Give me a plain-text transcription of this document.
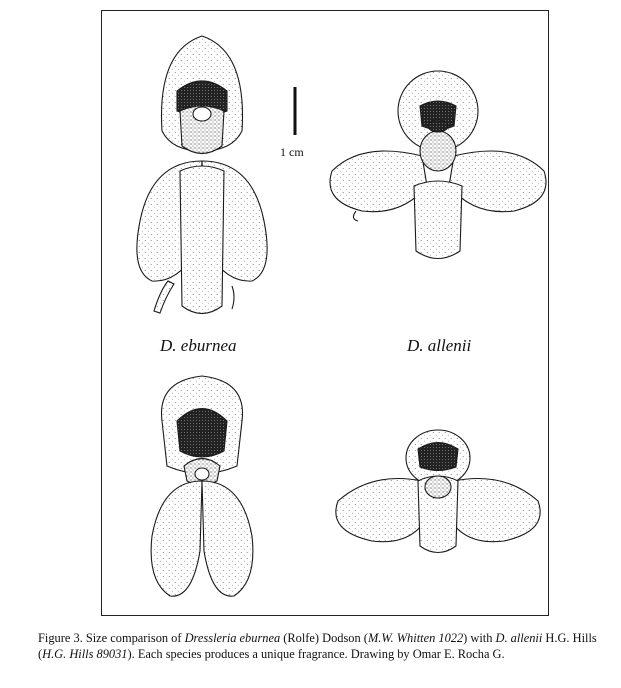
1 cm
D. eburnea	D. allenii
Figure 3. Size comparison of Dressleria eburnea (Rolfe) Dodson (M.W. Whitten 1022) with D. allenii H.G. Hills (H.G. Hills 89031). Each species produces a unique fragrance. Drawing by Omar E. Rocha G.
